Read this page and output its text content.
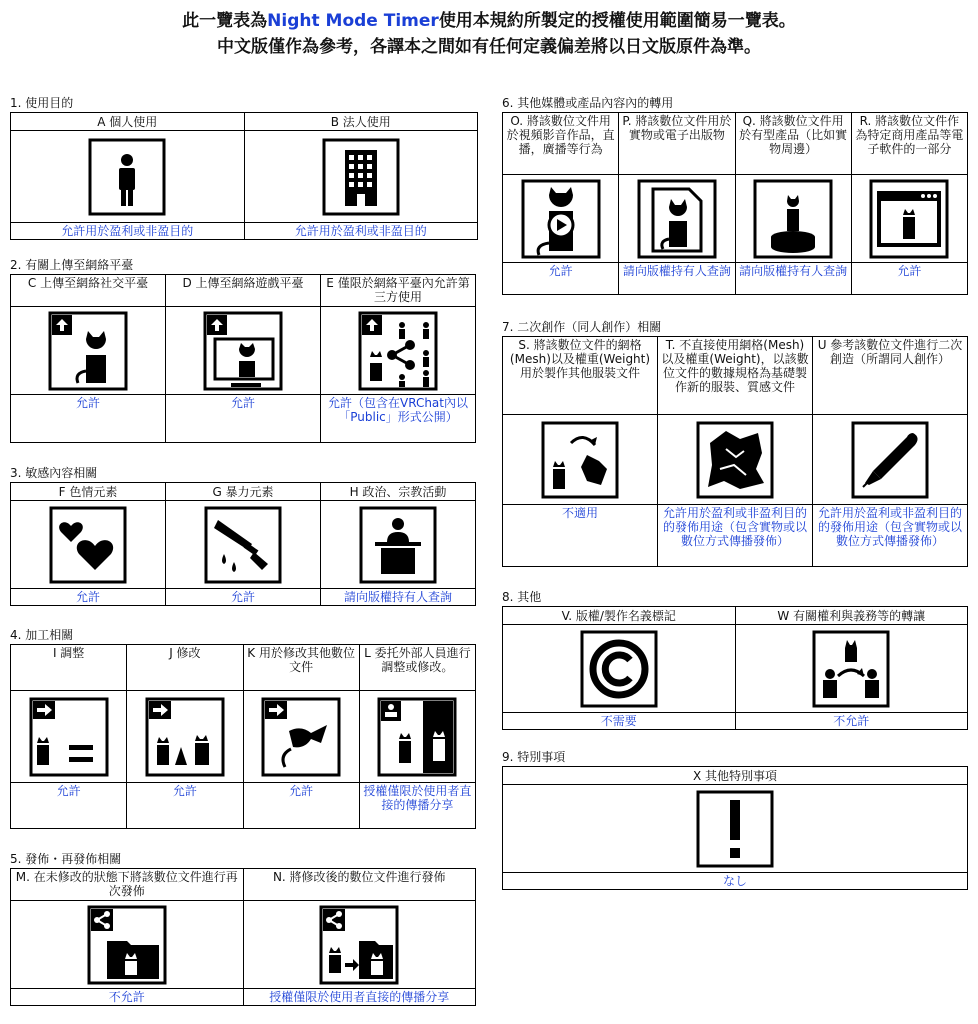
此一覽表為Night Mode Timer使用本規約所製定的授權使用範圍簡易一覽表。
中文版僅作為參考，各譯本之間如有任何定義偏差將以日文版原件為準。
1. 使用目的
A 個人使用	B 法人使用

允許用於盈利或非盈目的	允許用於盈利或非盈目的
2. 有關上傳至網絡平臺
C 上傳至網絡社交平臺	D 上傳至網絡遊戲平臺	E 僅限於網絡平臺內允許第三方使用

允許	允許	允許（包含在VRChat內以「Public」形式公開）
3. 敏感內容相關
F 色情元素	G 暴力元素	H 政治、宗教活動

允許	允許	請向版權持有人查詢
4. 加工相關
I 調整	J 修改	K 用於修改其他數位文件	L 委托外部人員進行調整或修改。

允許	允許	允許	授權僅限於使用者直接的傳播分享
5. 發佈・再發佈相關
M. 在未修改的狀態下將該數位文件進行再次發佈	N. 將修改後的數位文件進行發佈

不允許	授權僅限於使用者直接的傳播分享
6. 其他媒體或產品內容內的轉用
O. 將該數位文件用於視頻影音作品，直播，廣播等行為	P. 將該數位文件用於實物或電子出版物	Q. 將該數位文件用於有型產品（比如實物周邊）	R. 將該數位文件作為特定商用產品等電子軟件的一部分

允許	請向版權持有人查詢	請向版權持有人查詢	允許
7. 二次創作（同人創作）相關
S. 將該數位文件的網格(Mesh)以及權重(Weight)用於製作其他服裝文件	T. 不直接使用網格(Mesh)以及權重(Weight)，以該數位文件的數據規格為基礎製作新的服裝、質感文件	U 參考該數位文件進行二次創造（所謂同人創作）

不適用	允許用於盈利或非盈利目的的發佈用途（包含實物或以數位方式傳播發佈）	允許用於盈利或非盈利目的的發佈用途（包含實物或以數位方式傳播發佈）
8. 其他
V. 版權/製作名義標記	W 有關權利與義務等的轉讓

不需要	不允許
9. 特別事項
X 其他特別事項

なし
